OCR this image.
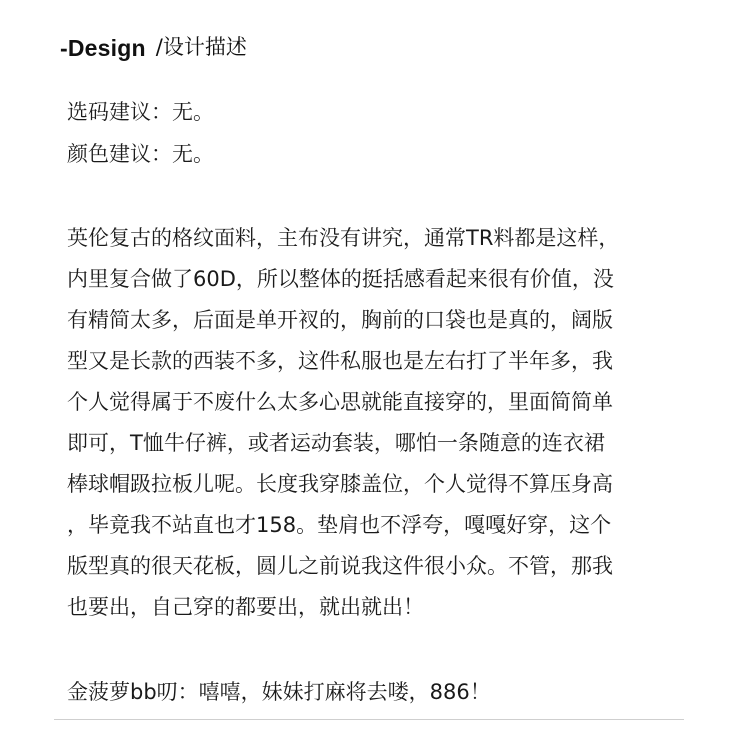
-Design /设计描述
选码建议：无。
颜色建议：无。
英伦复古的格纹面料，主布没有讲究，通常TR料都是这样，
内里复合做了60D，所以整体的挺括感看起来很有价值，没
有精简太多，后面是单开衩的，胸前的口袋也是真的，阔版
型又是长款的西装不多，这件私服也是左右打了半年多，我
个人觉得属于不废什么太多心思就能直接穿的，里面简简单
即可，T恤牛仔裤，或者运动套装，哪怕一条随意的连衣裙
棒球帽趿拉板儿呢。长度我穿膝盖位，个人觉得不算压身高
，毕竟我不站直也才158。垫肩也不浮夸，嘎嘎好穿，这个
版型真的很天花板，圆儿之前说我这件很小众。不管，那我
也要出，自己穿的都要出，就出就出！
金菠萝bb叨：嘻嘻，妹妹打麻将去喽，886！
